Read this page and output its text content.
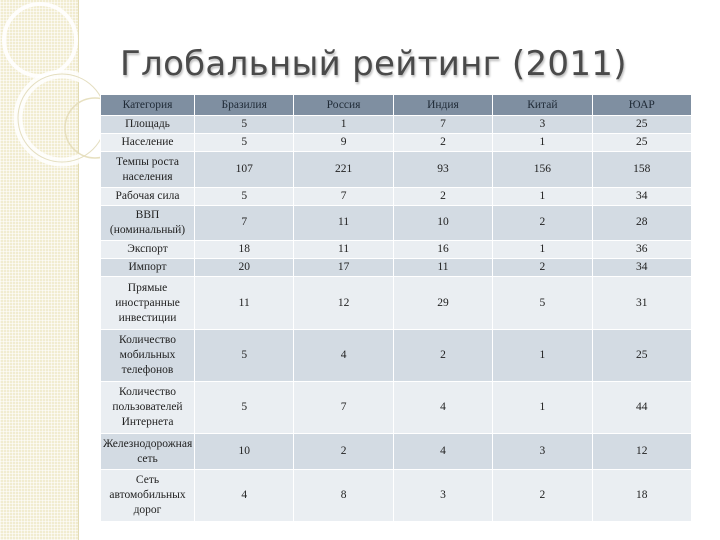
Глобальный рейтинг (2011)
Категория	Бразилия	Россия	Индия	Китай	ЮАР
Площадь	5	1	7	3	25
Население	5	9	2	1	25
Темпы роста
населения	107	221	93	156	158
Рабочая сила	5	7	2	1	34
ВВП
(номинальный)	7	11	10	2	28
Экспорт	18	11	16	1	36
Импорт	20	17	11	2	34
Прямые
иностранные
инвестиции	11	12	29	5	31
Количество
мобильных
телефонов	5	4	2	1	25
Количество
пользователей
Интернета	5	7	4	1	44
Железнодорожная
сеть	10	2	4	3	12
Сеть
автомобильных
дорог	4	8	3	2	18
